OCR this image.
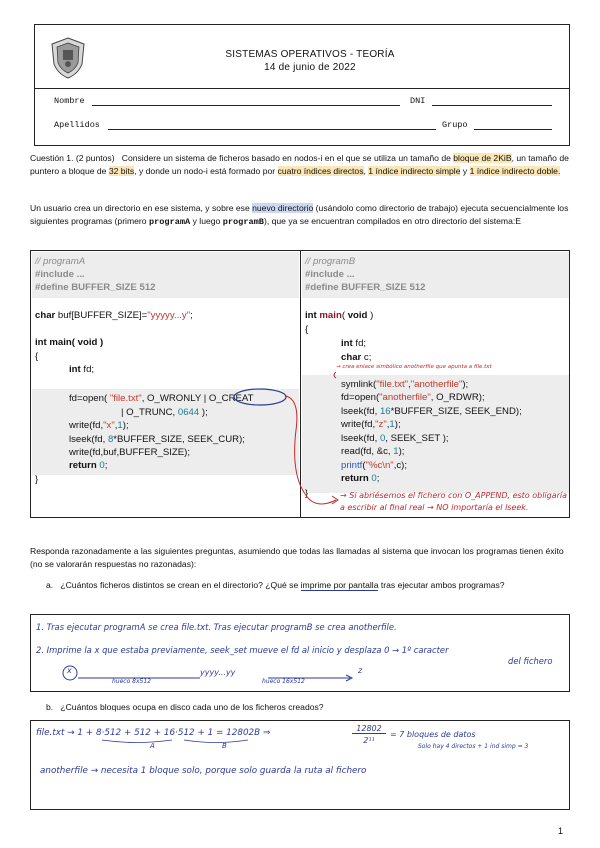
SISTEMAS OPERATIVOS - TEORÍA
14 de junio de 2022
Nombre	DNI
Apellidos	Grupo
Cuestión 1. (2 puntos) Considere un sistema de ficheros basado en nodos-i en el que se utiliza un tamaño de bloque de 2KiB, un tamaño de puntero a bloque de 32 bits, y donde un nodo-i está formado por cuatro índices directos, 1 índice indirecto simple y 1 índice indirecto doble.
Un usuario crea un directorio en ese sistema, y sobre ese nuevo directorio (usándolo como directorio de trabajo) ejecuta secuencialmente los siguientes programas (primero programA y luego programB), que ya se encuentran compilados en otro directorio del sistema:E
// programA
#include ...
#define BUFFER_SIZE 512
char buf[BUFFER_SIZE]="yyyyy...y";
int main( void )
{
int fd;
fd=open( "file.txt", O_WRONLY | O_CREAT
| O_TRUNC, 0644 );
write(fd,"x",1);
lseek(fd, 8*BUFFER_SIZE, SEEK_CUR);
write(fd,buf,BUFFER_SIZE);
return 0;
}
// programB
#include ...
#define BUFFER_SIZE 512
int main( void )
{
int fd;
char c;
symlink("file.txt","anotherfile");
fd=open("anotherfile", O_RDWR);
lseek(fd, 16*BUFFER_SIZE, SEEK_END);
write(fd,"z",1);
lseek(fd, 0, SEEK_SET );
read(fd, &c, 1);
printf("%c\n",c);
return 0;
}
→ crea enlace simbólico anotherfile que apunta a file.txt
→ Si abriésemos el fichero con O_APPEND, esto obligaría a escribir al final real → NO importaría el lseek.
Responda razonadamente a las siguientes preguntas, asumiendo que todas las llamadas al sistema que invocan los programas tienen éxito (no se valorarán respuestas no razonadas):
a. ¿Cuántos ficheros distintos se crean en el directorio? ¿Qué se imprime por pantalla tras ejecutar ambos programas?
1. Tras ejecutar programA se crea file.txt. Tras ejecutar programB se crea anotherfile.
2. Imprime la x que estaba previamente, seek_set mueve el fd al inicio y desplaza 0 → 1º caracter
del fichero
x
hueco 8x512
yyyy...yy
hueco 16x512
z
b. ¿Cuántos bloques ocupa en disco cada uno de los ficheros creados?
file.txt → 1 + 8·512 + 512 + 16·512 + 1 = 12802B ⇒
A	B
12802
2¹¹
= 7 bloques de datos
Solo hay 4 directos + 1 ind simp = 3
anotherfile → necesita 1 bloque solo, porque solo guarda la ruta al fichero
1
